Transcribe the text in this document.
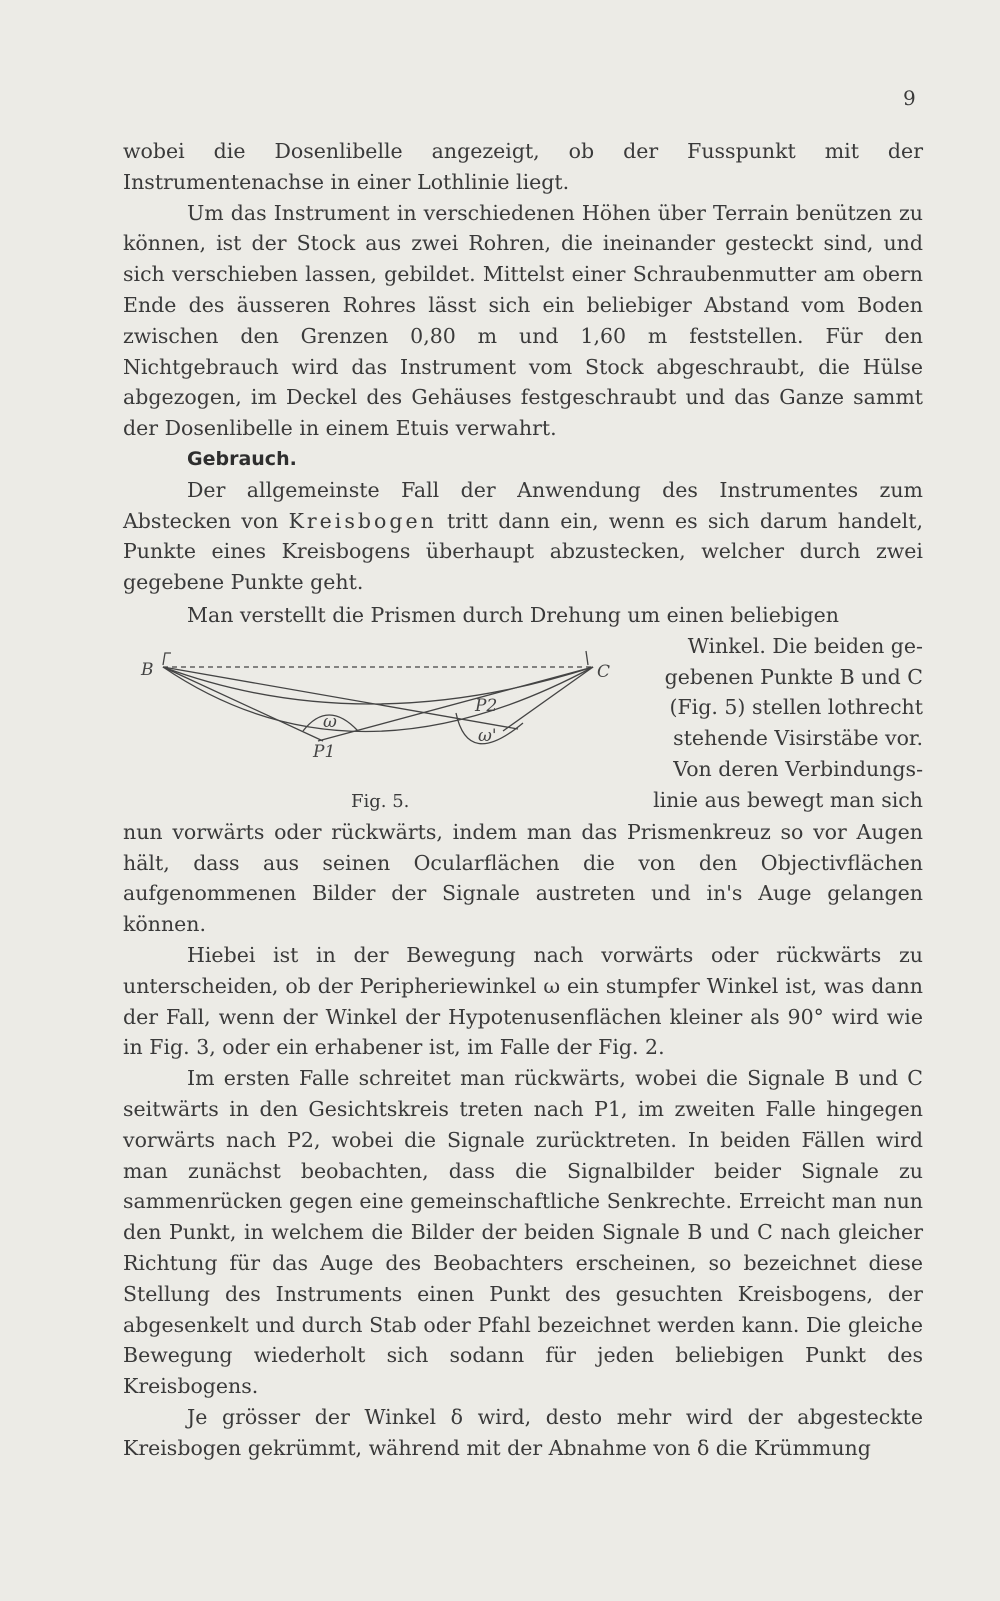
9

wobei die Dosenlibelle angezeigt, ob der Fusspunkt mit der Instrumentenachse in einer Lothlinie liegt.

Um das Instrument in verschiedenen Höhen über Terrain benützen zu können, ist der Stock aus zwei Rohren, die ineinander gesteckt sind, und sich verschieben lassen, gebildet. Mittelst einer Schraubenmutter am obern Ende des äusseren Rohres lässt sich ein beliebiger Abstand vom Boden zwischen den Grenzen 0,80 m und 1,60 m feststellen. Für den Nichtgebrauch wird das Instrument vom Stock abgeschraubt, die Hülse abgezogen, im Deckel des Gehäuses festgeschraubt und das Ganze sammt der Dosenlibelle in einem Etuis verwahrt.

Gebrauch.

Der allgemeinste Fall der Anwendung des Instrumentes zum Abstecken von Kreisbogen tritt dann ein, wenn es sich darum handelt, Punkte eines Kreisbogens überhaupt abzustecken, welcher durch zwei gegebene Punkte geht.

Man verstellt die Prismen durch Drehung um einen beliebigen

B	C
P1
P2
ω
ω'
Fig. 5.
Winkel. Die beiden ge-
gebenen Punkte B und C
(Fig. 5) stellen lothrecht
stehende Visirstäbe vor.
Von deren Verbindungs-
linie aus bewegt man sich

nun vorwärts oder rückwärts, indem man das Prismenkreuz so vor Augen hält, dass aus seinen Ocularflächen die von den Objectivflächen aufgenommenen Bilder der Signale austreten und in's Auge gelangen können.

Hiebei ist in der Bewegung nach vorwärts oder rückwärts zu unterscheiden, ob der Peripheriewinkel ω ein stumpfer Winkel ist, was dann der Fall, wenn der Winkel der Hypotenusenflächen kleiner als 90° wird wie in Fig. 3, oder ein erhabener ist, im Falle der Fig. 2.

Im ersten Falle schreitet man rückwärts, wobei die Signale B und C seitwärts in den Gesichtskreis treten nach P1, im zweiten Falle hingegen vorwärts nach P2, wobei die Signale zurücktreten. In beiden Fällen wird man zunächst beobachten, dass die Signalbilder beider Signale zu sammenrücken gegen eine gemeinschaftliche Senkrechte. Erreicht man nun den Punkt, in welchem die Bilder der beiden Signale B und C nach gleicher Richtung für das Auge des Beobachters erscheinen, so bezeichnet diese Stellung des Instruments einen Punkt des gesuchten Kreisbogens, der abgesenkelt und durch Stab oder Pfahl bezeichnet werden kann. Die gleiche Bewegung wiederholt sich sodann für jeden beliebigen Punkt des Kreisbogens.

Je grösser der Winkel δ wird, desto mehr wird der abgesteckte Kreisbogen gekrümmt, während mit der Abnahme von δ die Krümmung
